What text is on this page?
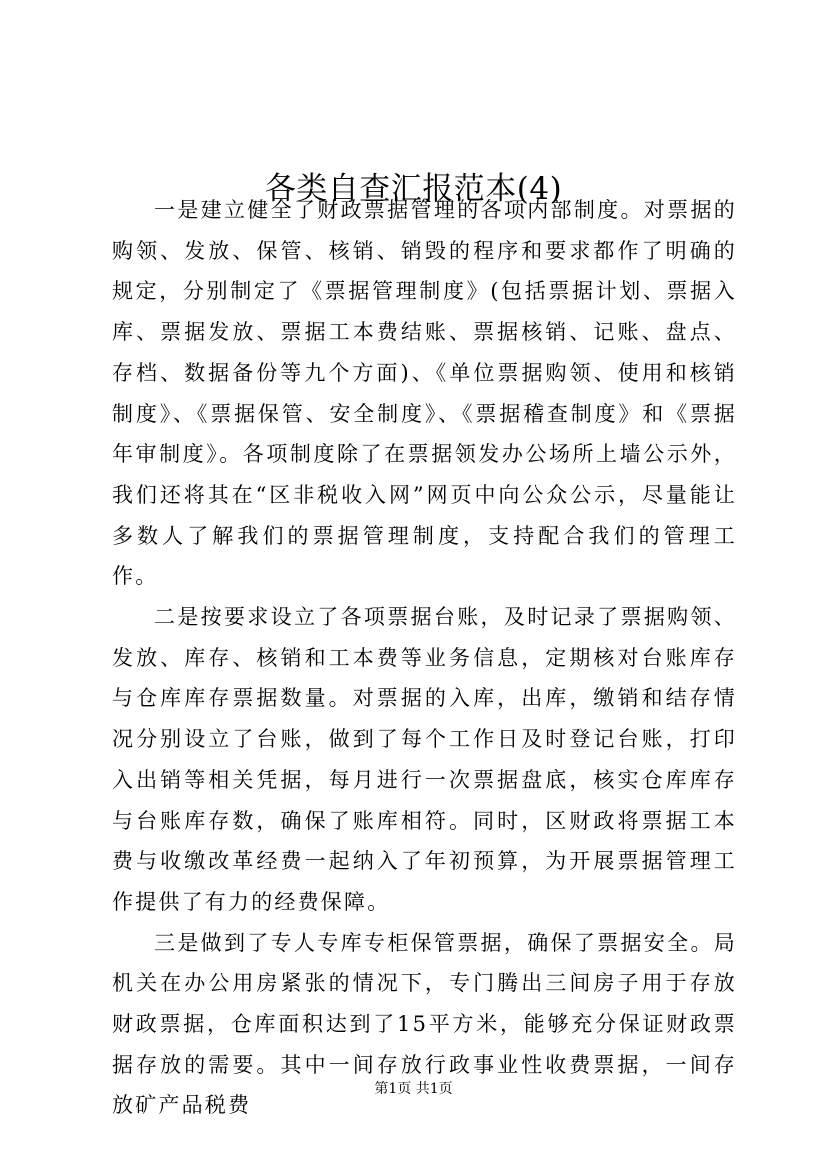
各类自查汇报范本(4)

一是建立健全了财政票据管理的各项内部制度。对票据的购领、发放、保管、核销、销毁的程序和要求都作了明确的规定，分别制定了《票据管理制度》(包括票据计划、票据入库、票据发放、票据工本费结账、票据核销、记账、盘点、存档、数据备份等九个方面)、《单位票据购领、使用和核销制度》、《票据保管、安全制度》、《票据稽查制度》和《票据年审制度》。各项制度除了在票据领发办公场所上墙公示外，我们还将其在“区非税收入网”网页中向公众公示，尽量能让多数人了解我们的票据管理制度，支持配合我们的管理工作。

二是按要求设立了各项票据台账，及时记录了票据购领、发放、库存、核销和工本费等业务信息，定期核对台账库存与仓库库存票据数量。对票据的入库，出库，缴销和结存情况分别设立了台账，做到了每个工作日及时登记台账，打印入出销等相关凭据，每月进行一次票据盘底，核实仓库库存与台账库存数，确保了账库相符。同时，区财政将票据工本费与收缴改革经费一起纳入了年初预算，为开展票据管理工作提供了有力的经费保障。

三是做到了专人专库专柜保管票据，确保了票据安全。局机关在办公用房紧张的情况下，专门腾出三间房子用于存放财政票据，仓库面积达到了15平方米，能够充分保证财政票据存放的需要。其中一间存放行政事业性收费票据，一间存放矿产品税费

第1页 共1页
